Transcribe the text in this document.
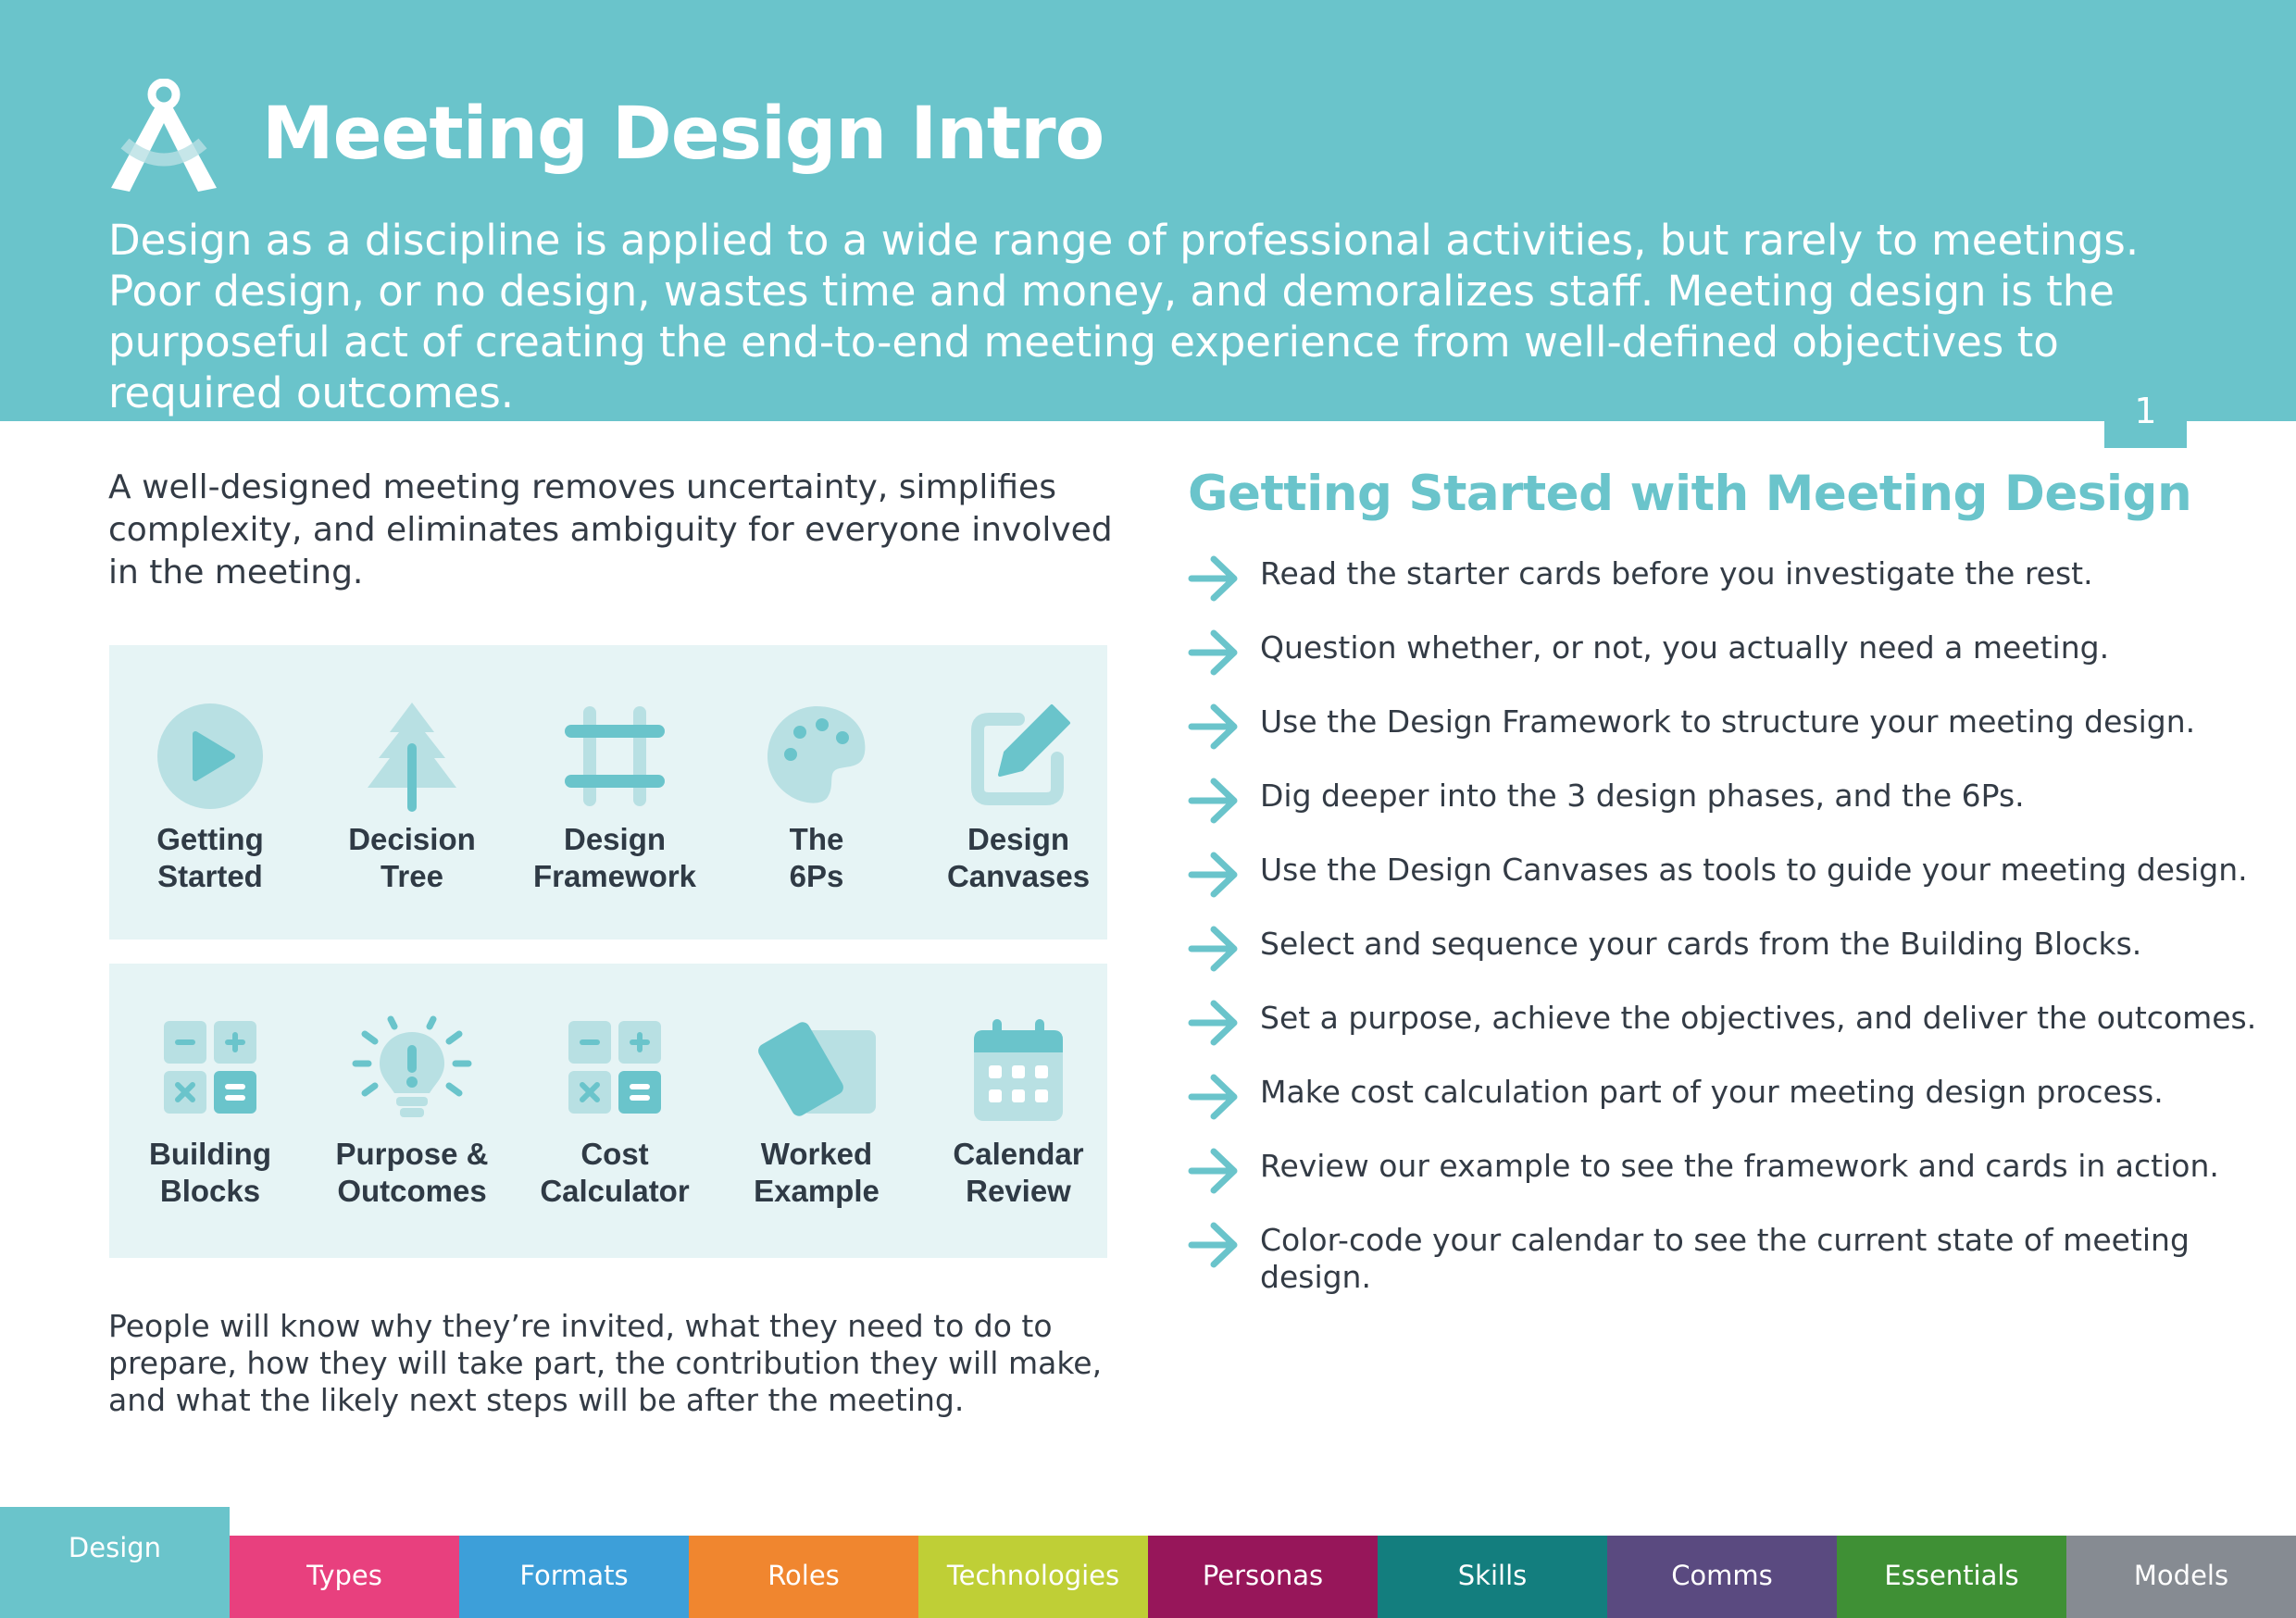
Meeting Design Intro

Design as a discipline is applied to a wide range of professional activities, but rarely to meetings. Poor design, or no design, wastes time and money, and demoralizes staff. Meeting design is the purposeful act of creating the end-to-end meeting experience from well-defined objectives to required outcomes.	1

A well-designed meeting removes uncertainty, simplifies complexity, and eliminates ambiguity for everyone involved in the meeting.

Getting
Started
Decision
Tree
Design
Framework
The
6Ps
Design
Canvases
Building
Blocks
Purpose &
Outcomes
Cost
Calculator
Worked
Example
Calendar
Review

People will know why they’re invited, what they need to do to prepare, how they will take part, the contribution they will make, and what the likely next steps will be after the meeting.

Getting Started with Meeting Design
Read the starter cards before you investigate the rest.
Question whether, or not, you actually need a meeting.
Use the Design Framework to structure your meeting design.
Dig deeper into the 3 design phases, and the 6Ps.
Use the Design Canvases as tools to guide your meeting design.
Select and sequence your cards from the Building Blocks.
Set a purpose, achieve the objectives, and deliver the outcomes.
Make cost calculation part of your meeting design process.
Review our example to see the framework and cards in action.
Color-code your calendar to see the current state of meeting design.
Design
Types	Formats	Roles	Technologies	Personas	Skills	Comms	Essentials	Models
